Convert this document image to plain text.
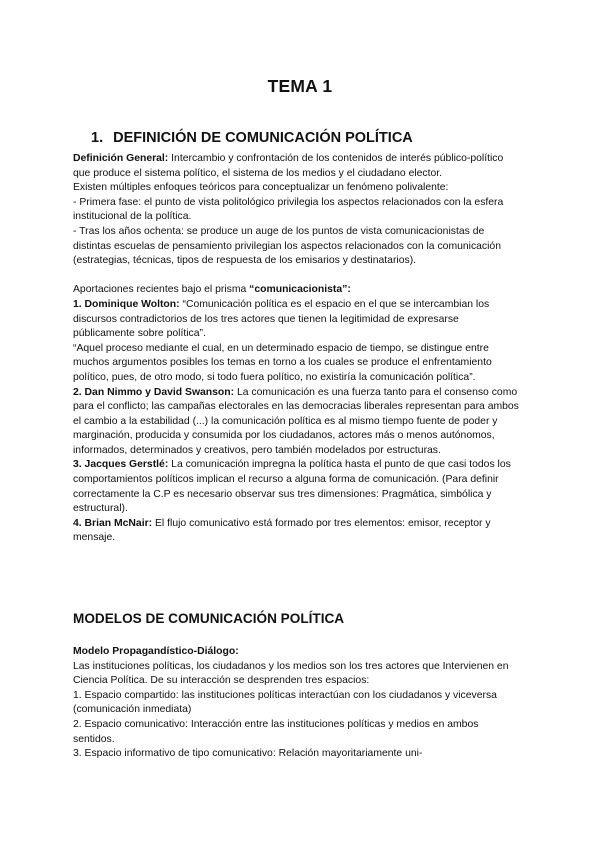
TEMA 1
1. DEFINICIÓN DE COMUNICACIÓN POLÍTICA

Definición General: Intercambio y confrontación de los contenidos de interés público-político que produce el sistema político, el sistema de los medios y el ciudadano elector.

Existen múltiples enfoques teóricos para conceptualizar un fenómeno polivalente:

- Primera fase: el punto de vista politológico privilegia los aspectos relacionados con la esfera institucional de la política.

- Tras los años ochenta: se produce un auge de los puntos de vista comunicacionistas de distintas escuelas de pensamiento privilegian los aspectos relacionados con la comunicación (estrategias, técnicas, tipos de respuesta de los emisarios y destinatarios).

Aportaciones recientes bajo el prisma “comunicacionista”:

1. Dominique Wolton: “Comunicación política es el espacio en el que se intercambian los discursos contradictorios de los tres actores que tienen la legitimidad de expresarse públicamente sobre política”.

“Aquel proceso mediante el cual, en un determinado espacio de tiempo, se distingue entre muchos argumentos posibles los temas en torno a los cuales se produce el enfrentamiento político, pues, de otro modo, si todo fuera político, no existiría la comunicación política”.

2. Dan Nimmo y David Swanson: La comunicación es una fuerza tanto para el consenso como para el conflicto; las campañas electorales en las democracias liberales representan para ambos el cambio a la estabilidad (...) la comunicación política es al mismo tiempo fuente de poder y marginación, producida y consumida por los ciudadanos, actores más o menos autónomos, informados, determinados y creativos, pero también modelados por estructuras.

3. Jacques Gerstlé: La comunicación impregna la política hasta el punto de que casi todos los comportamientos políticos implican el recurso a alguna forma de comunicación. (Para definir correctamente la C.P es necesario observar sus tres dimensiones: Pragmática, simbólica y estructural).

4. Brian McNair: El flujo comunicativo está formado por tres elementos: emisor, receptor y mensaje.

MODELOS DE COMUNICACIÓN POLÍTICA

Modelo Propagandístico-Diálogo:

Las instituciones políticas, los ciudadanos y los medios son los tres actores que Intervienen en Ciencia Política. De su interacción se desprenden tres espacios:

1. Espacio compartido: las instituciones políticas interactúan con los ciudadanos y viceversa (comunicación inmediata)

2. Espacio comunicativo: Interacción entre las instituciones políticas y medios en ambos sentidos.

3. Espacio informativo de tipo comunicativo: Relación mayoritariamente uni-
